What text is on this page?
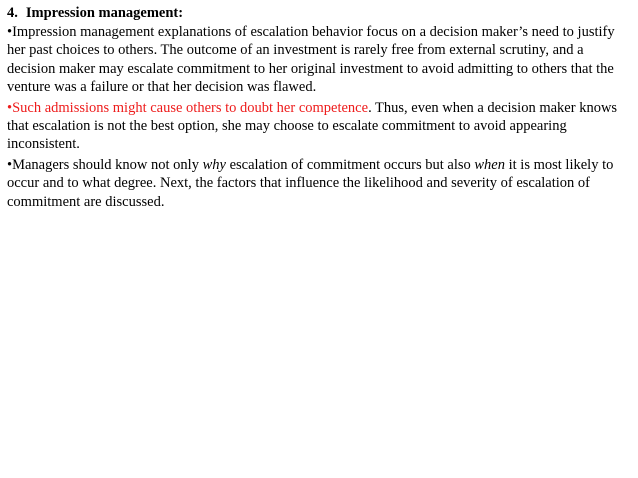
4. Impression management:

•Impression management explanations of escalation behavior focus on a decision maker’s need to justify her past choices to others. The outcome of an investment is rarely free from external scrutiny, and a decision maker may escalate commitment to her original investment to avoid admitting to others that the venture was a failure or that her decision was flawed.

•Such admissions might cause others to doubt her competence. Thus, even when a decision maker knows that escalation is not the best option, she may choose to escalate commitment to avoid appearing inconsistent.

•Managers should know not only why escalation of commitment occurs but also when it is most likely to occur and to what degree. Next, the factors that influence the likelihood and severity of escalation of commitment are discussed.
